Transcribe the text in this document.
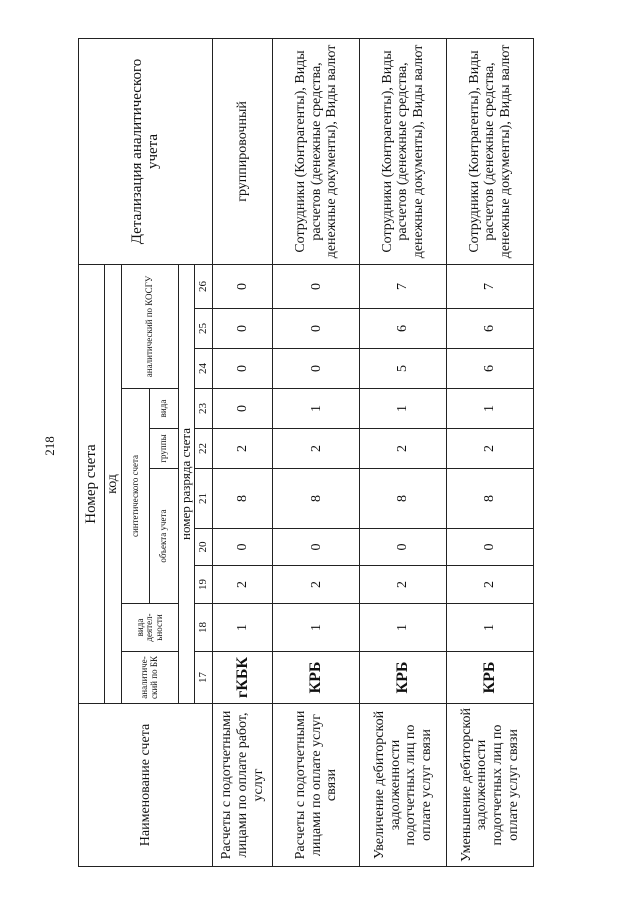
218
Наименование счета	Номер счета										Детализация аналитического учета
	код										
	аналитический по БК	вида деятельности	синтетического счета					аналитический по КОСГУ			
			объекта учета			группы	вида				
	номер разряда счета										
	17	18	19	20	21	22	23	24	25	26	
Расчеты с подотчетными лицами по оплате работ, услуг	гКБК	1	2	0	8	2	0	0	0	0	группировочный
Расчеты с подотчетными лицами по оплате услуг связи	КРБ	1	2	0	8	2	1	0	0	0	Сотрудники (Контрагенты), Виды расчетов (денежные средства, денежные документы), Виды валют
Увеличение дебиторской задолженности подотчетных лиц по оплате услуг связи	КРБ	1	2	0	8	2	1	5	6	7	Сотрудники (Контрагенты), Виды расчетов (денежные средства, денежные документы), Виды валют
Уменьшение дебиторской задолженности подотчетных лиц по оплате услуг связи	КРБ	1	2	0	8	2	1	6	6	7	Сотрудники (Контрагенты), Виды расчетов (денежные средства, денежные документы), Виды валют
